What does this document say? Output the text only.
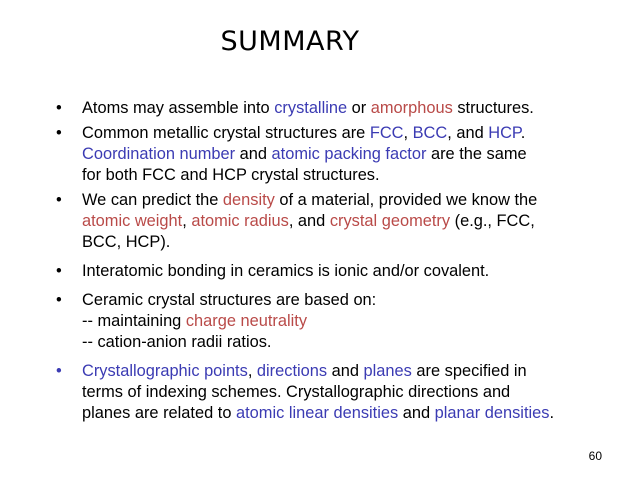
SUMMARY
• Atoms may assemble into crystalline or amorphous structures.
• Common metallic crystal structures are FCC, BCC, and HCP.
Coordination number and atomic packing factor are the same
for both FCC and HCP crystal structures.
• We can predict the density of a material, provided we know the
atomic weight, atomic radius, and crystal geometry (e.g., FCC,
BCC, HCP).
• Interatomic bonding in ceramics is ionic and/or covalent.
• Ceramic crystal structures are based on:
-- maintaining charge neutrality
-- cation-anion radii ratios.
• Crystallographic points, directions and planes are specified in
terms of indexing schemes. Crystallographic directions and
planes are related to atomic linear densities and planar densities.
60
